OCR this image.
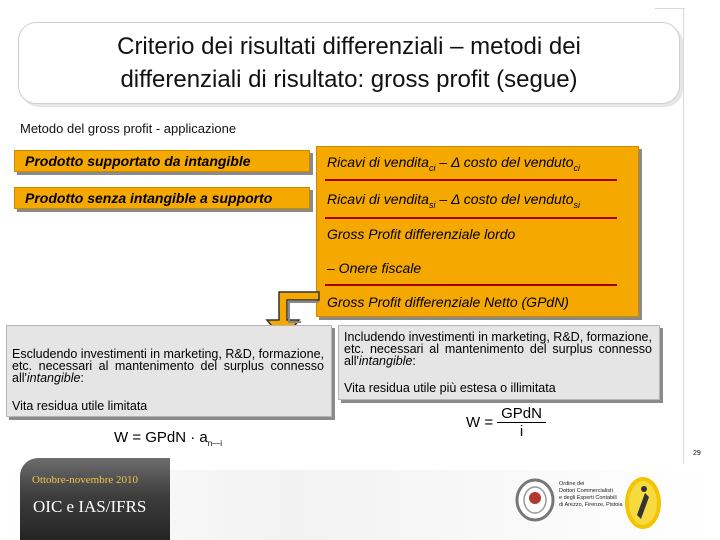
Criterio dei risultati differenziali – metodi dei
differenziali di risultato: gross profit (segue)
Metodo del gross profit - applicazione
Prodotto supportato da intangible
Prodotto senza intangible a supporto
Ricavi di vendita$_{ci}$ – Δ costo del venduto$_{ci}$
Ricavi di vendita$_{si}$ – Δ costo del venduto$_{si}$
Gross Profit differenziale lordo
– Onere fiscale
Gross Profit differenziale Netto (GPdN)
Escludendo investimenti in marketing, R&D, formazione, etc. necessari al mantenimento del surplus connesso all'intangible:
Vita residua utile limitata
Includendo investimenti in marketing, R&D, formazione, etc. necessari al mantenimento del surplus connesso all'intangible:
Vita residua utile più estesa o illimitata
W = GPdN · $a_{n⎯⎯i}$
$W = \frac{\text{GPdN}}{i}$
Ottobre-novembre 2010
OIC e IAS/IFRS
29
Ordine dei
Dottori Commercialisti
e degli Esperti Contabili
di Arezzo, Firenze, Pistoia
